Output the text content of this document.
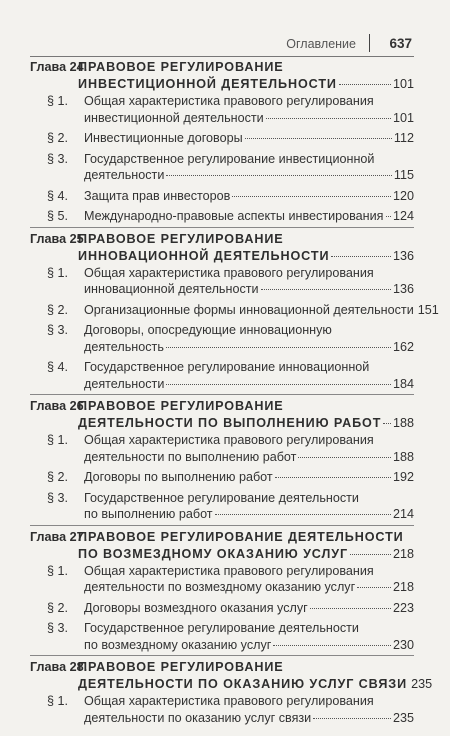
Оглавление 637
Глава 24.
ПРАВОВОЕ РЕГУЛИРОВАНИЕ
ИНВЕСТИЦИОННОЙ ДЕЯТЕЛЬНОСТИ	101
§ 1. Общая характеристика правового регулирования
инвестиционной деятельности	101
§ 2. Инвестиционные договоры	112
§ 3. Государственное регулирование инвестиционной
деятельности	115
§ 4. Защита прав инвесторов	120
§ 5. Международно-правовые аспекты инвестирования 124
Глава 25.
ПРАВОВОЕ РЕГУЛИРОВАНИЕ
ИННОВАЦИОННОЙ ДЕЯТЕЛЬНОСТИ	136
§ 1. Общая характеристика правового регулирования
инновационной деятельности	136
§ 2. Организационные формы инновационной деятельности 151
§ 3. Договоры, опосредующие инновационную
деятельность	162
§ 4. Государственное регулирование инновационной
деятельности	184
Глава 26.
ПРАВОВОЕ РЕГУЛИРОВАНИЕ
ДЕЯТЕЛЬНОСТИ ПО ВЫПОЛНЕНИЮ РАБОТ 188
§ 1. Общая характеристика правового регулирования
деятельности по выполнению работ	188
§ 2. Договоры по выполнению работ	192
§ 3. Государственное регулирование деятельности
по выполнению работ	214
Глава 27.
ПРАВОВОЕ РЕГУЛИРОВАНИЕ ДЕЯТЕЛЬНОСТИ
ПО ВОЗМЕЗДНОМУ ОКАЗАНИЮ УСЛУГ	218
§ 1. Общая характеристика правового регулирования
деятельности по возмездному оказанию услуг	218
§ 2. Договоры возмездного оказания услуг	223
§ 3. Государственное регулирование деятельности
по возмездному оказанию услуг	230
Глава 28.
ПРАВОВОЕ РЕГУЛИРОВАНИЕ
ДЕЯТЕЛЬНОСТИ ПО ОКАЗАНИЮ УСЛУГ СВЯЗИ 235
§ 1. Общая характеристика правового регулирования
деятельности по оказанию услуг связи	235
